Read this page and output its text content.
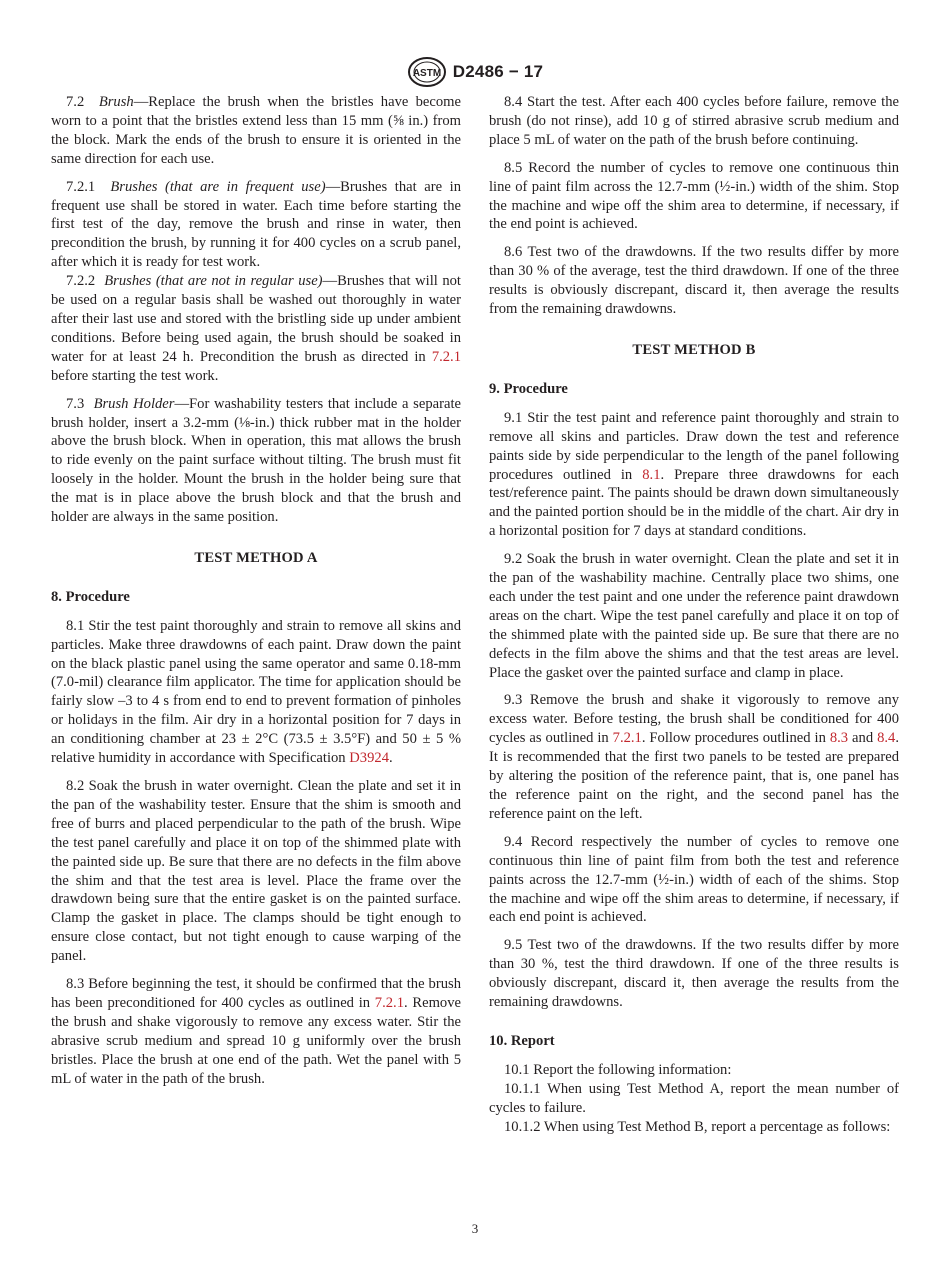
ASTM D2486 − 17

7.2 Brush—Replace the brush when the bristles have become worn to a point that the bristles extend less than 15 mm (⅝ in.) from the block. Mark the ends of the brush to ensure it is oriented in the same direction for each use.

7.2.1 Brushes (that are in frequent use)—Brushes that are in frequent use shall be stored in water. Each time before starting the first test of the day, remove the brush and rinse in water, then precondition the brush, by running it for 400 cycles on a scrub panel, after which it is ready for test work.

7.2.2 Brushes (that are not in regular use)—Brushes that will not be used on a regular basis shall be washed out thoroughly in water after their last use and stored with the bristling side up under ambient conditions. Before being used again, the brush should be soaked in water for at least 24 h. Precondition the brush as directed in 7.2.1 before starting the test work.

7.3 Brush Holder—For washability testers that include a separate brush holder, insert a 3.2-mm (⅛-in.) thick rubber mat in the holder above the brush block. When in operation, this mat allows the brush to ride evenly on the paint surface without tilting. The brush must fit loosely in the holder. Mount the brush in the holder being sure that the mat is in place above the brush block and that the brush and holder are always in the same position.

TEST METHOD A
8. Procedure

8.1 Stir the test paint thoroughly and strain to remove all skins and particles. Make three drawdowns of each paint. Draw down the paint on the black plastic panel using the same operator and same 0.18-mm (7.0-mil) clearance film applicator. The time for application should be fairly slow –3 to 4 s from end to end to prevent formation of pinholes or holidays in the film. Air dry in a horizontal position for 7 days in an conditioning chamber at 23 ± 2°C (73.5 ± 3.5°F) and 50 ± 5 % relative humidity in accordance with Specification D3924.

8.2 Soak the brush in water overnight. Clean the plate and set it in the pan of the washability tester. Ensure that the shim is smooth and free of burrs and placed perpendicular to the path of the brush. Wipe the test panel carefully and place it on top of the shimmed plate with the painted side up. Be sure that there are no defects in the film above the shim and that the test area is level. Place the frame over the drawdown being sure that the entire gasket is on the painted surface. Clamp the gasket in place. The clamps should be tight enough to ensure close contact, but not tight enough to cause warping of the panel.

8.3 Before beginning the test, it should be confirmed that the brush has been preconditioned for 400 cycles as outlined in 7.2.1. Remove the brush and shake vigorously to remove any excess water. Stir the abrasive scrub medium and spread 10 g uniformly over the brush bristles. Place the brush at one end of the path. Wet the panel with 5 mL of water in the path of the brush.

8.4 Start the test. After each 400 cycles before failure, remove the brush (do not rinse), add 10 g of stirred abrasive scrub medium and place 5 mL of water on the path of the brush before continuing.

8.5 Record the number of cycles to remove one continuous thin line of paint film across the 12.7-mm (½-in.) width of the shim. Stop the machine and wipe off the shim area to determine, if necessary, if the end point is achieved.

8.6 Test two of the drawdowns. If the two results differ by more than 30 % of the average, test the third drawdown. If one of the three results is obviously discrepant, discard it, then average the results from the remaining drawdowns.

TEST METHOD B
9. Procedure

9.1 Stir the test paint and reference paint thoroughly and strain to remove all skins and particles. Draw down the test and reference paints side by side perpendicular to the length of the panel following procedures outlined in 8.1. Prepare three drawdowns for each test/reference paint. The paints should be drawn down simultaneously and the painted portion should be in the middle of the chart. Air dry in a horizontal position for 7 days at standard conditions.

9.2 Soak the brush in water overnight. Clean the plate and set it in the pan of the washability machine. Centrally place two shims, one each under the test paint and one under the reference paint drawdown areas on the chart. Wipe the test panel carefully and place it on top of the shimmed plate with the painted side up. Be sure that there are no defects in the film above the shims and that the test areas are level. Place the gasket over the painted surface and clamp in place.

9.3 Remove the brush and shake it vigorously to remove any excess water. Before testing, the brush shall be conditioned for 400 cycles as outlined in 7.2.1. Follow procedures outlined in 8.3 and 8.4. It is recommended that the first two panels to be tested are prepared by altering the position of the reference paint, that is, one panel has the reference paint on the right, and the second panel has the reference paint on the left.

9.4 Record respectively the number of cycles to remove one continuous thin line of paint film from both the test and reference paints across the 12.7-mm (½-in.) width of each of the shims. Stop the machine and wipe off the shim areas to determine, if necessary, if each end point is achieved.

9.5 Test two of the drawdowns. If the two results differ by more than 30 %, test the third drawdown. If one of the three results is obviously discrepant, discard it, then average the results from the remaining drawdowns.

10. Report

10.1 Report the following information:

10.1.1 When using Test Method A, report the mean number of cycles to failure.

10.1.2 When using Test Method B, report a percentage as follows:

3
